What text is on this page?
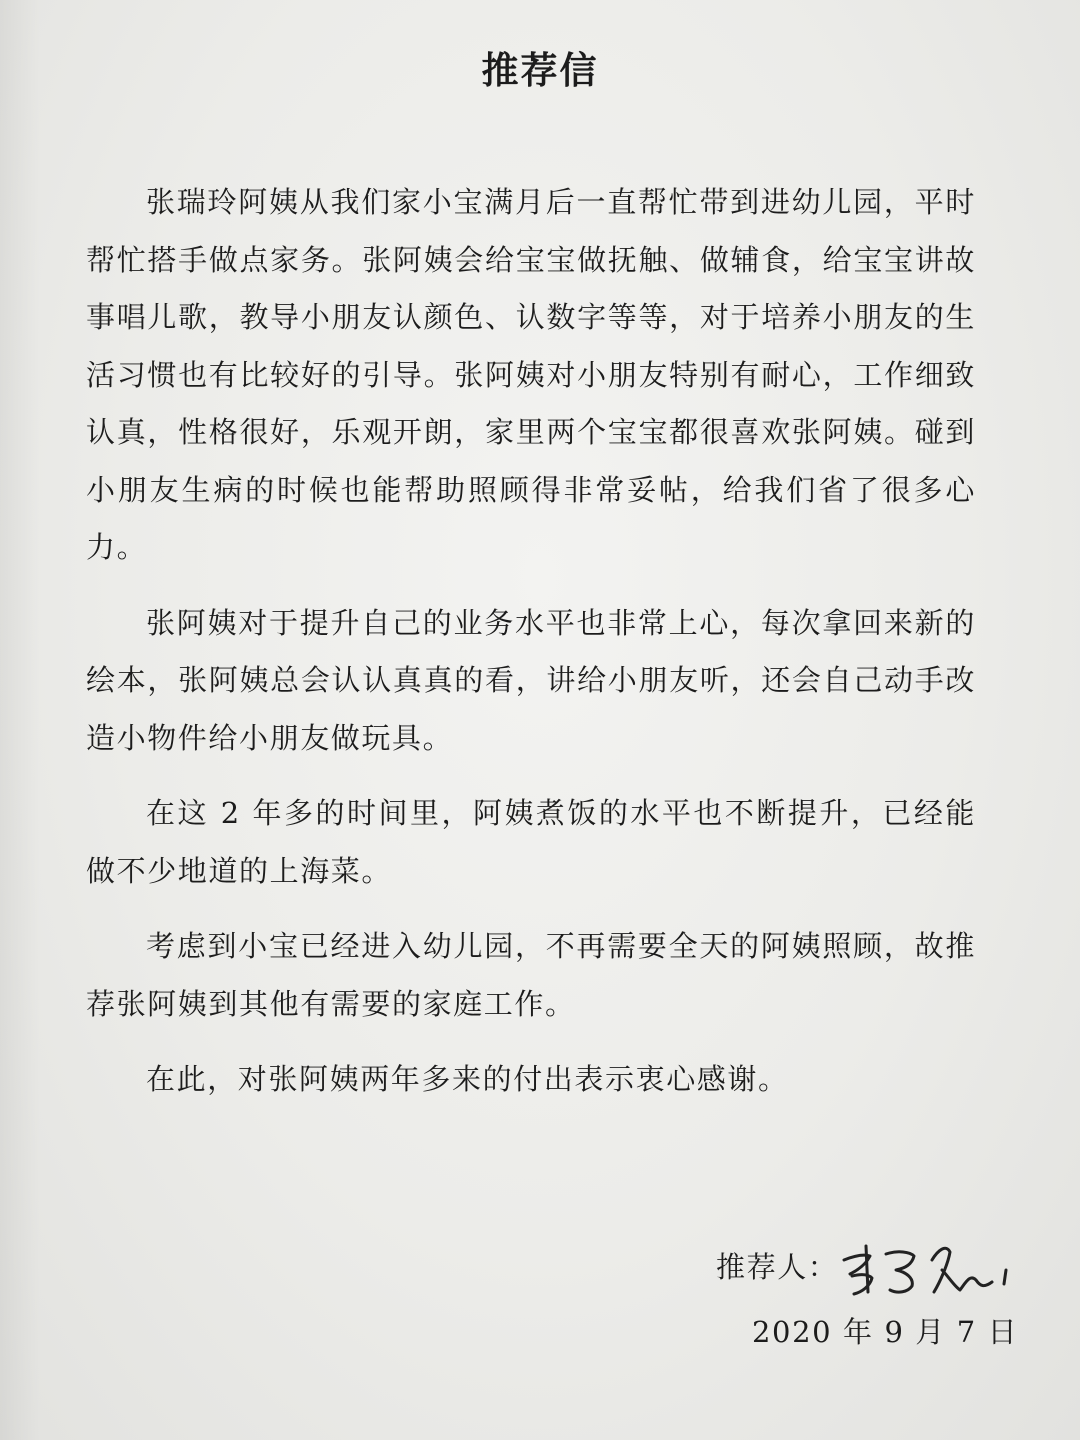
推荐信

张瑞玲阿姨从我们家小宝满月后一直帮忙带到进幼儿园，平时帮忙搭手做点家务。张阿姨会给宝宝做抚触、做辅食，给宝宝讲故事唱儿歌，教导小朋友认颜色、认数字等等，对于培养小朋友的生活习惯也有比较好的引导。张阿姨对小朋友特别有耐心，工作细致认真，性格很好，乐观开朗，家里两个宝宝都很喜欢张阿姨。碰到小朋友生病的时候也能帮助照顾得非常妥帖，给我们省了很多心力。

张阿姨对于提升自己的业务水平也非常上心，每次拿回来新的绘本，张阿姨总会认认真真的看，讲给小朋友听，还会自己动手改造小物件给小朋友做玩具。

在这 2 年多的时间里，阿姨煮饭的水平也不断提升，已经能做不少地道的上海菜。

考虑到小宝已经进入幼儿园，不再需要全天的阿姨照顾，故推荐张阿姨到其他有需要的家庭工作。

在此，对张阿姨两年多来的付出表示衷心感谢。

推荐人：
2020 年 9 月 7 日
